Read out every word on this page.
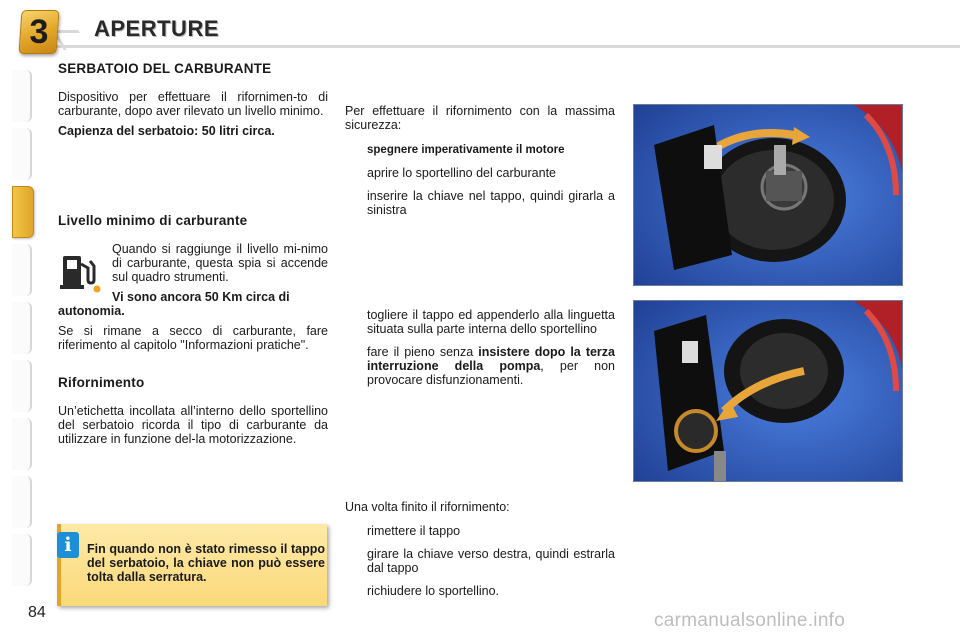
3	APERTURE
SERBATOIO DEL CARBURANTE

Dispositivo per effettuare il rifornimen-to di carburante, dopo aver rilevato un livello minimo.

Capienza del serbatoio: 50 litri circa.

Livello minimo di carburante

Quando si raggiunge il livello mi-nimo di carburante, questa spia si accende sul quadro strumenti.

Vi sono ancora 50 Km circa di autonomia.

Se si rimane a secco di carburante, fare riferimento al capitolo "Informazioni pratiche".

Rifornimento

Un’etichetta incollata all’interno dello sportellino del serbatoio ricorda il tipo di carburante da utilizzare in funzione del-la motorizzazione.

i	Fin quando non è stato rimesso il tappo del serbatoio, la chiave non può essere tolta dalla serratura.

Per effettuare il rifornimento con la massima sicurezza:

spegnere imperativamente il motore
aprire lo sportellino del carburante
inserire la chiave nel tappo, quindi girarla a sinistra
togliere il tappo ed appenderlo alla linguetta situata sulla parte interna dello sportellino
fare il pieno senza insistere dopo la terza interruzione della pompa, per non provocare disfunzionamenti.

Una volta finito il rifornimento:

rimettere il tappo
girare la chiave verso destra, quindi estrarla dal tappo
richiudere lo sportellino.
84	carmanualsonline.info
